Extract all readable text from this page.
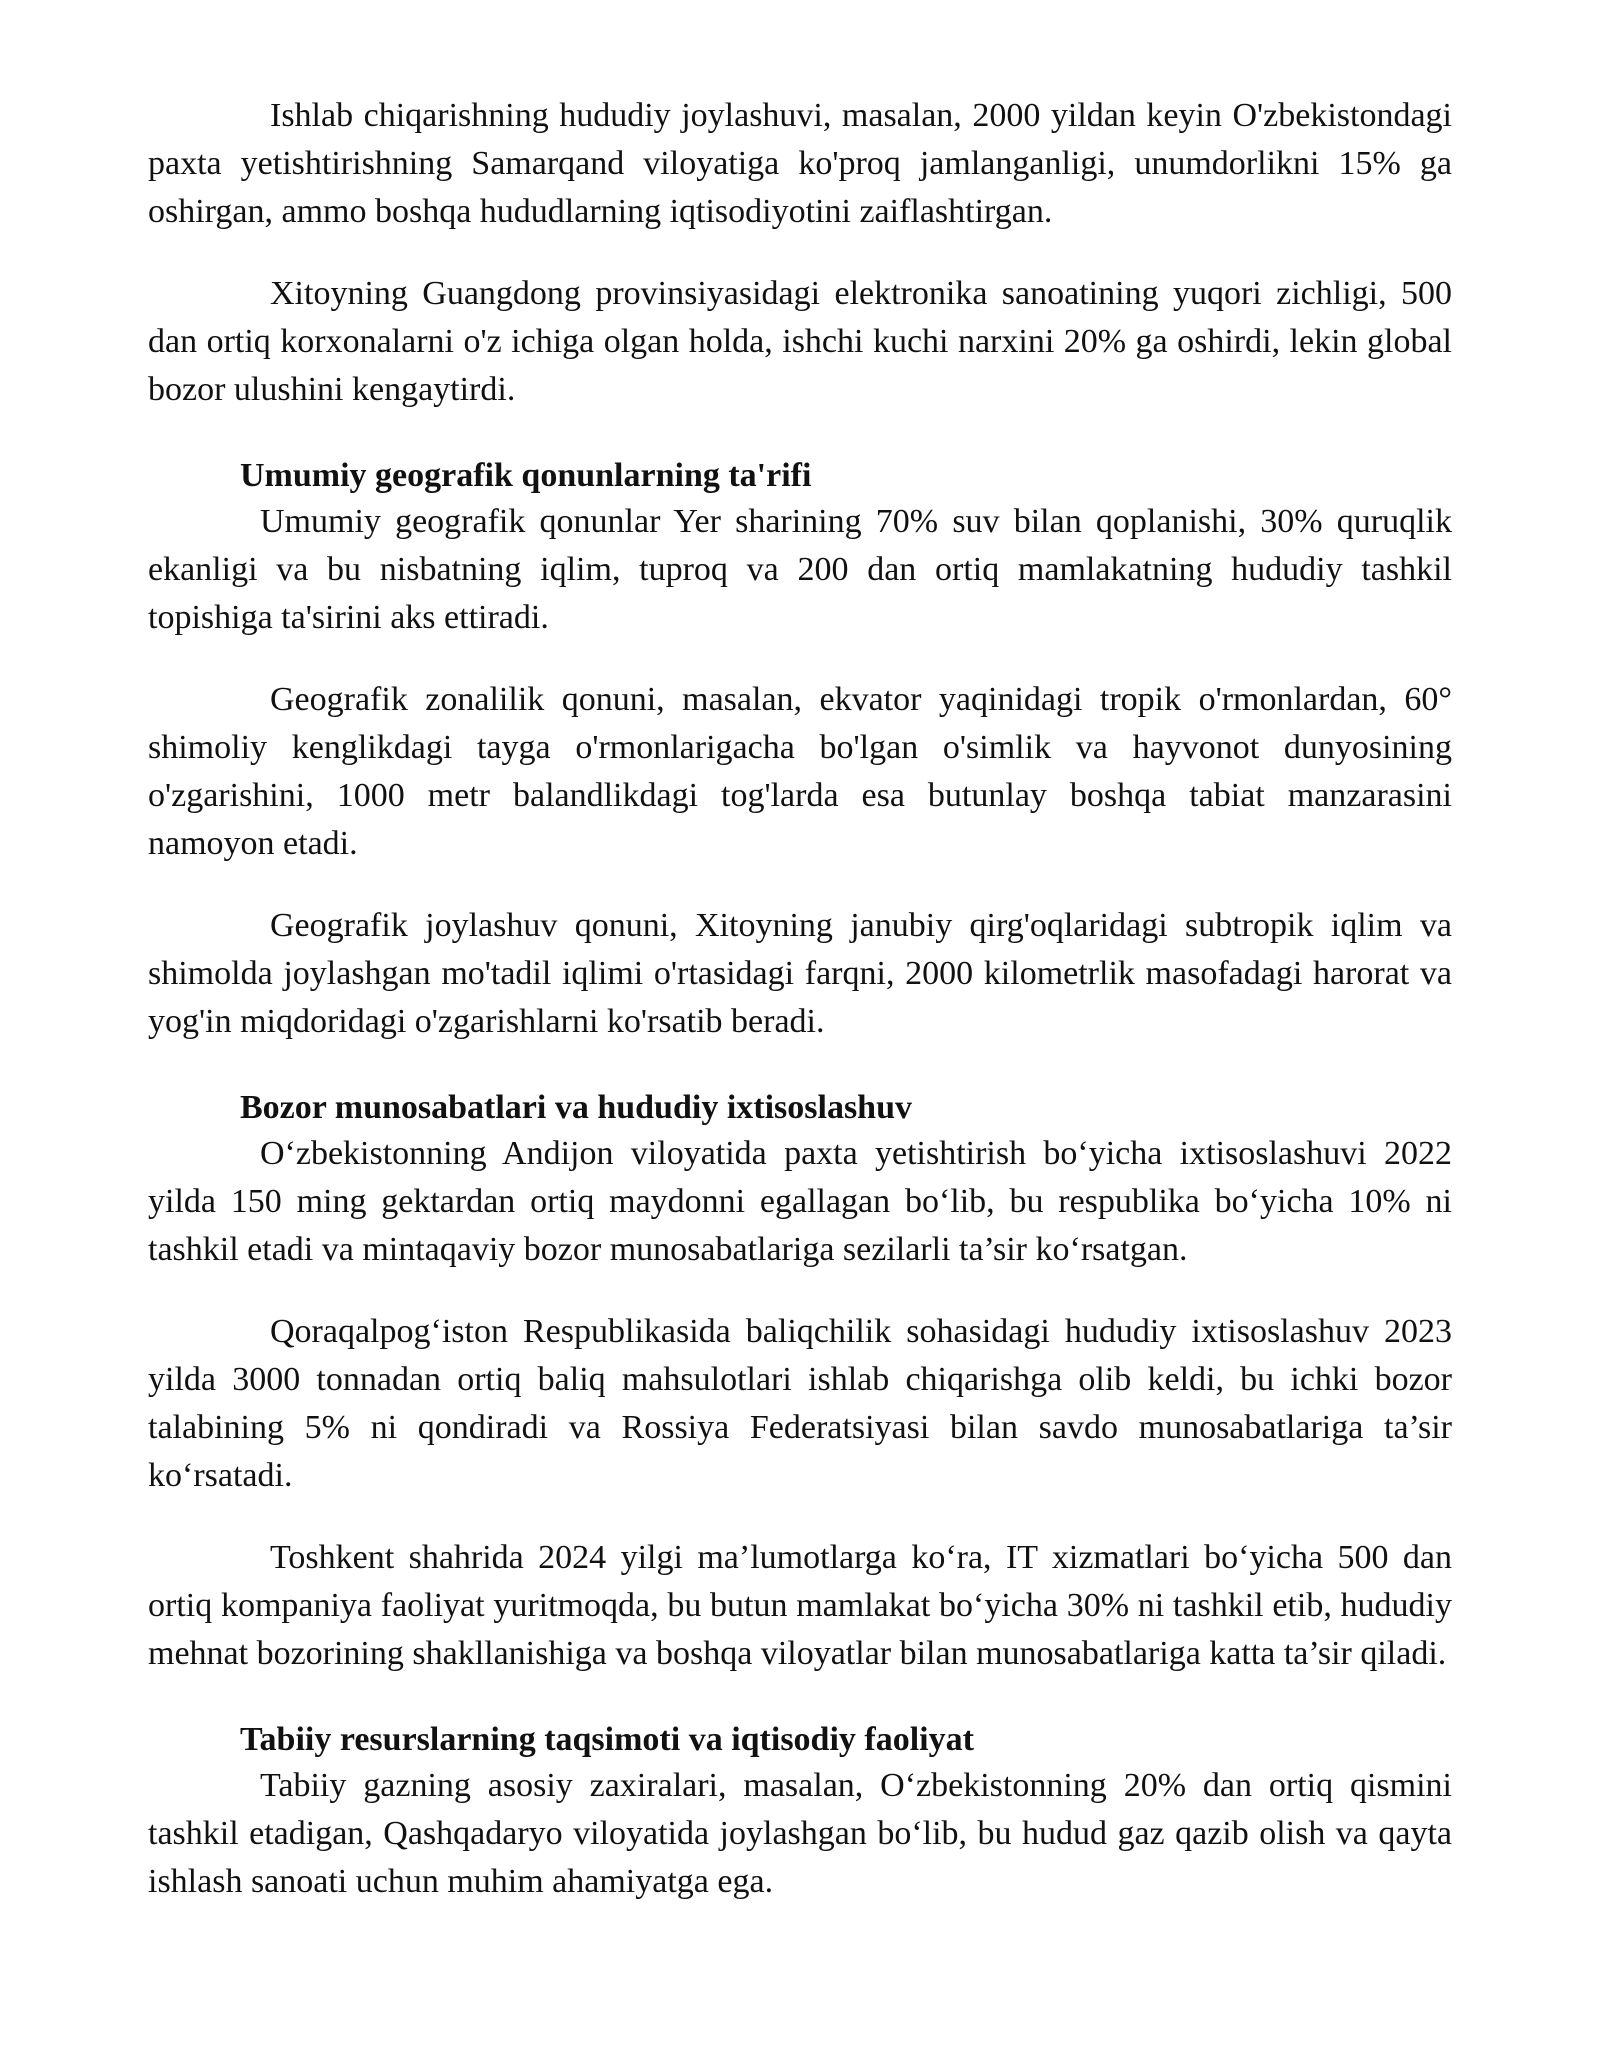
Ishlab chiqarishning hududiy joylashuvi, masalan, 2000 yildan keyin O'zbekistondagi paxta yetishtirishning Samarqand viloyatiga ko'proq jamlanganligi, unumdorlikni 15% ga oshirgan, ammo boshqa hududlarning iqtisodiyotini zaiflashtirgan.

Xitoyning Guangdong provinsiyasidagi elektronika sanoatining yuqori zichligi, 500 dan ortiq korxonalarni o'z ichiga olgan holda, ishchi kuchi narxini 20% ga oshirdi, lekin global bozor ulushini kengaytirdi.

Umumiy geografik qonunlarning ta'rifi

Umumiy geografik qonunlar Yer sharining 70% suv bilan qoplanishi, 30% quruqlik ekanligi va bu nisbatning iqlim, tuproq va 200 dan ortiq mamlakatning hududiy tashkil topishiga ta'sirini aks ettiradi.

Geografik zonalilik qonuni, masalan, ekvator yaqinidagi tropik o'rmonlardan, 60° shimoliy kenglikdagi tayga o'rmonlarigacha bo'lgan o'simlik va hayvonot dunyosining o'zgarishini, 1000 metr balandlikdagi tog'larda esa butunlay boshqa tabiat manzarasini namoyon etadi.

Geografik joylashuv qonuni, Xitoyning janubiy qirg'oqlaridagi subtropik iqlim va shimolda joylashgan mo'tadil iqlimi o'rtasidagi farqni, 2000 kilometrlik masofadagi harorat va yog'in miqdoridagi o'zgarishlarni ko'rsatib beradi.

Bozor munosabatlari va hududiy ixtisoslashuv

O‘zbekistonning Andijon viloyatida paxta yetishtirish bo‘yicha ixtisoslashuvi 2022 yilda 150 ming gektardan ortiq maydonni egallagan bo‘lib, bu respublika bo‘yicha 10% ni tashkil etadi va mintaqaviy bozor munosabatlariga sezilarli ta’sir ko‘rsatgan.

Qoraqalpog‘iston Respublikasida baliqchilik sohasidagi hududiy ixtisoslashuv 2023 yilda 3000 tonnadan ortiq baliq mahsulotlari ishlab chiqarishga olib keldi, bu ichki bozor talabining 5% ni qondiradi va Rossiya Federatsiyasi bilan savdo munosabatlariga ta’sir ko‘rsatadi.

Toshkent shahrida 2024 yilgi ma’lumotlarga ko‘ra, IT xizmatlari bo‘yicha 500 dan ortiq kompaniya faoliyat yuritmoqda, bu butun mamlakat bo‘yicha 30% ni tashkil etib, hududiy mehnat bozorining shakllanishiga va boshqa viloyatlar bilan munosabatlariga katta ta’sir qiladi.

Tabiiy resurslarning taqsimoti va iqtisodiy faoliyat

Tabiiy gazning asosiy zaxiralari, masalan, O‘zbekistonning 20% dan ortiq qismini tashkil etadigan, Qashqadaryo viloyatida joylashgan bo‘lib, bu hudud gaz qazib olish va qayta ishlash sanoati uchun muhim ahamiyatga ega.
